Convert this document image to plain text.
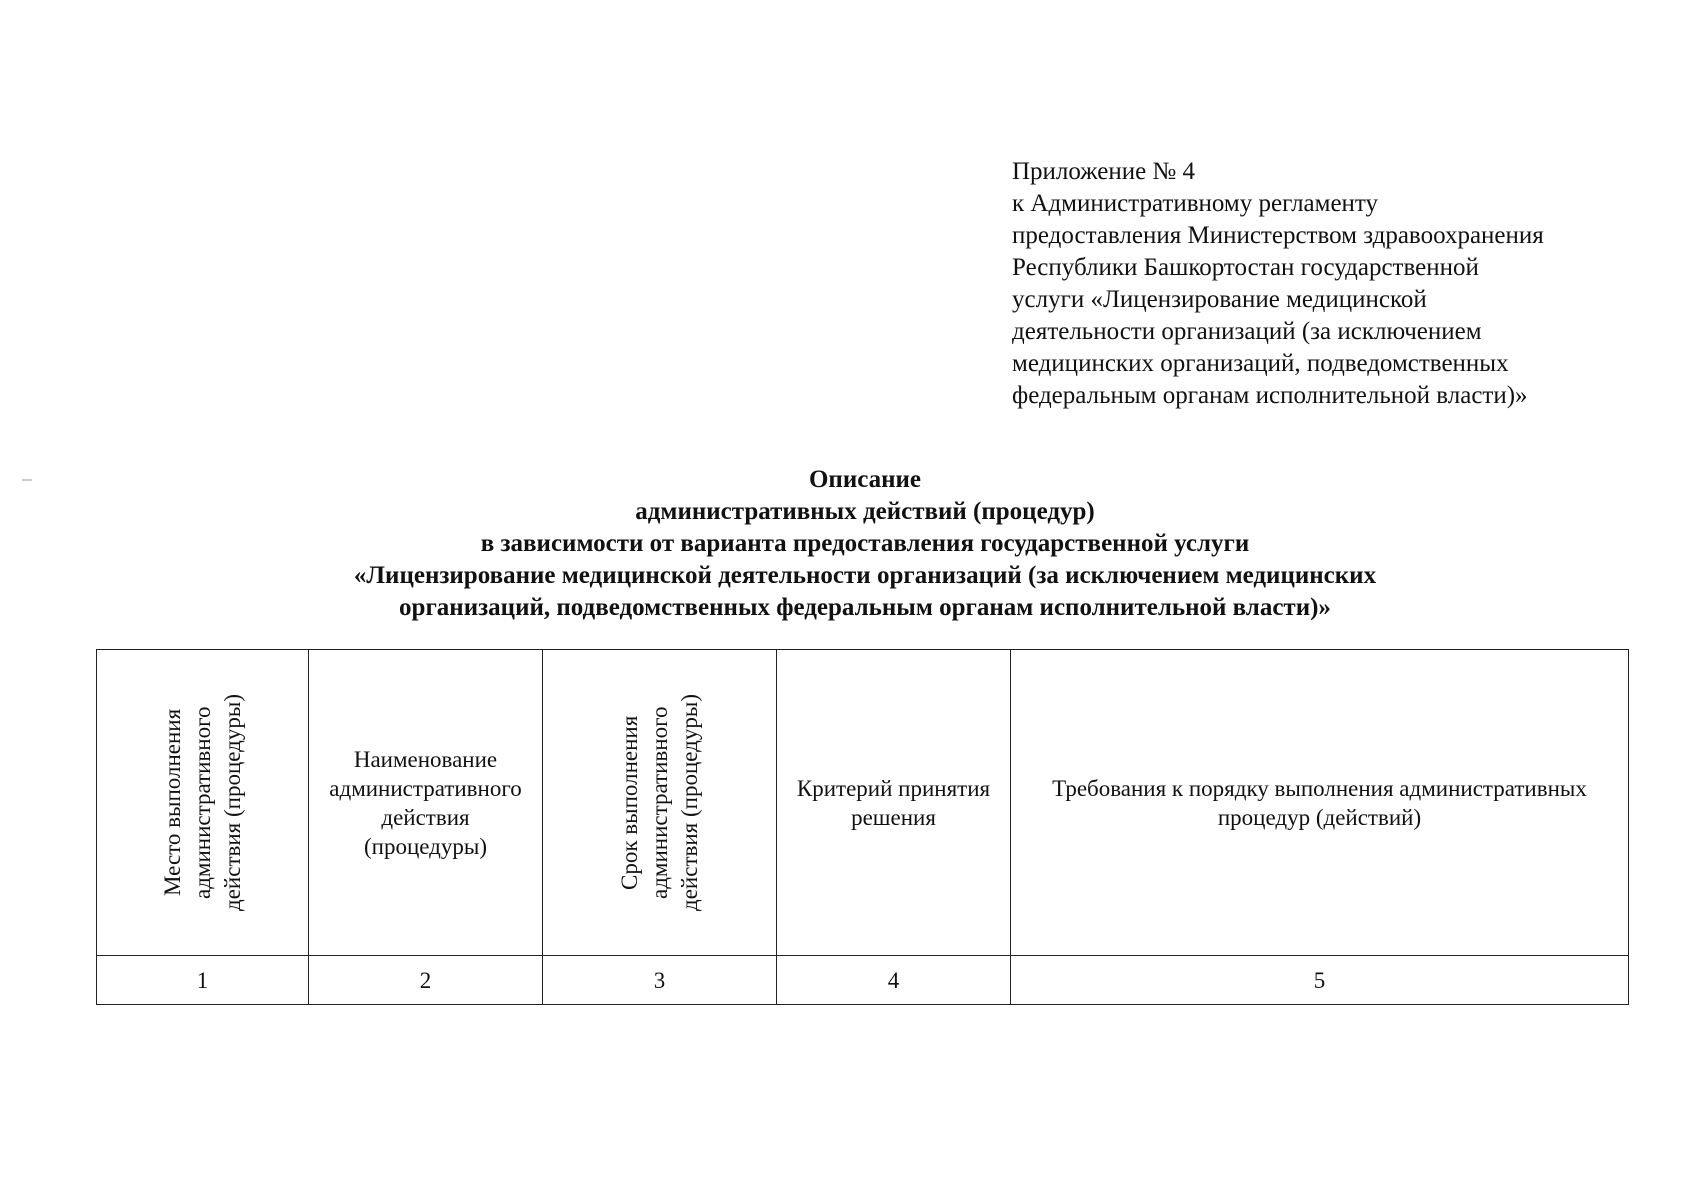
Приложение № 4
к Административному регламенту
предоставления Министерством здравоохранения
Республики Башкортостан государственной
услуги «Лицензирование медицинской
деятельности организаций (за исключением
медицинских организаций, подведомственных
федеральным органам исполнительной власти)»
Описание
административных действий (процедур)
в зависимости от варианта предоставления государственной услуги
«Лицензирование медицинской деятельности организаций (за исключением медицинских
организаций, подведомственных федеральным органам исполнительной власти)»
Место выполнения административного действия (процедуры)	Наименование
административного
действия
(процедуры)	Срок выполнения административного действия (процедуры)	Критерий принятия
решения	Требования к порядку выполнения административных
процедур (действий)

1	2	3	4	5
